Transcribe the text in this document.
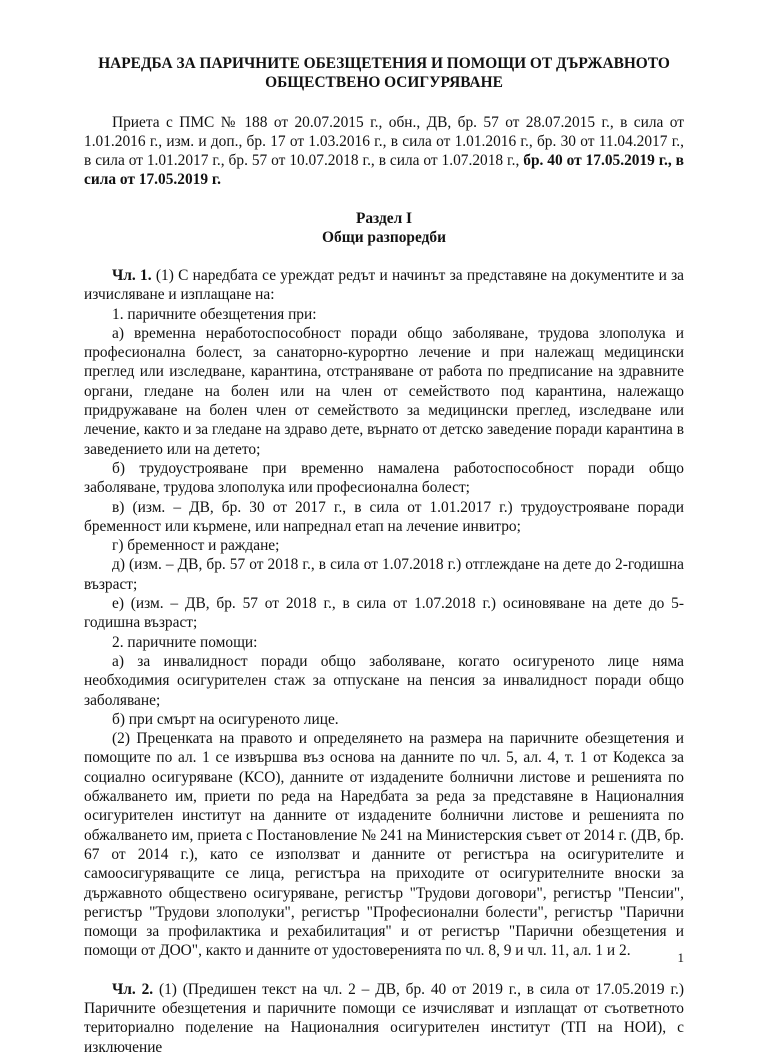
НАРЕДБА ЗА ПАРИЧНИТЕ ОБЕЗЩЕТЕНИЯ И ПОМОЩИ ОТ ДЪРЖАВНОТО
ОБЩЕСТВЕНО ОСИГУРЯВАНЕ

Приета с ПМС № 188 от 20.07.2015 г., обн., ДВ, бр. 57 от 28.07.2015 г., в сила от 1.01.2016 г., изм. и доп., бр. 17 от 1.03.2016 г., в сила от 1.01.2016 г., бр. 30 от 11.04.2017 г., в сила от 1.01.2017 г., бр. 57 от 10.07.2018 г., в сила от 1.07.2018 г., бр. 40 от 17.05.2019 г., в сила от 17.05.2019 г.

Раздел I
Общи разпоредби

Чл. 1. (1) С наредбата се уреждат редът и начинът за представяне на документите и за изчисляване и изплащане на:

1. паричните обезщетения при:

а) временна неработоспособност поради общо заболяване, трудова злополука и професионална болест, за санаторно-курортно лечение и при належащ медицински преглед или изследване, карантина, отстраняване от работа по предписание на здравните органи, гледане на болен или на член от семейството под карантина, належащо придружаване на болен член от семейството за медицински преглед, изследване или лечение, както и за гледане на здраво дете, върнато от детско заведение поради карантина в заведението или на детето;

б) трудоустрояване при временно намалена работоспособност поради общо заболяване, трудова злополука или професионална болест;

в) (изм. – ДВ, бр. 30 от 2017 г., в сила от 1.01.2017 г.) трудоустрояване поради бременност или кърмене, или напреднал етап на лечение инвитро;

г) бременност и раждане;

д) (изм. – ДВ, бр. 57 от 2018 г., в сила от 1.07.2018 г.) отглеждане на дете до 2-годишна възраст;

е) (изм. – ДВ, бр. 57 от 2018 г., в сила от 1.07.2018 г.) осиновяване на дете до 5-годишна възраст;

2. паричните помощи:

а) за инвалидност поради общо заболяване, когато осигуреното лице няма необходимия осигурителен стаж за отпускане на пенсия за инвалидност поради общо заболяване;

б) при смърт на осигуреното лице.

(2) Преценката на правото и определянето на размера на паричните обезщетения и помощите по ал. 1 се извършва въз основа на данните по чл. 5, ал. 4, т. 1 от Кодекса за социално осигуряване (КСО), данните от издадените болнични листове и решенията по обжалването им, приети по реда на Наредбата за реда за представяне в Националния осигурителен институт на данните от издадените болнични листове и решенията по обжалването им, приета с Постановление № 241 на Министерския съвет от 2014 г. (ДВ, бр. 67 от 2014 г.), като се използват и данните от регистъра на осигурителите и самоосигуряващите се лица, регистъра на приходите от осигурителните вноски за държавното обществено осигуряване, регистър "Трудови договори", регистър "Пенсии", регистър "Трудови злополуки", регистър "Професионални болести", регистър "Парични помощи за профилактика и рехабилитация" и от регистър "Парични обезщетения и помощи от ДОО", както и данните от удостоверенията по чл. 8, 9 и чл. 11, ал. 1 и 2.

Чл. 2. (1) (Предишен текст на чл. 2 – ДВ, бр. 40 от 2019 г., в сила от 17.05.2019 г.) Паричните обезщетения и паричните помощи се изчисляват и изплащат от съответното териториално поделение на Националния осигурителен институт (ТП на НОИ), с изключение

1
